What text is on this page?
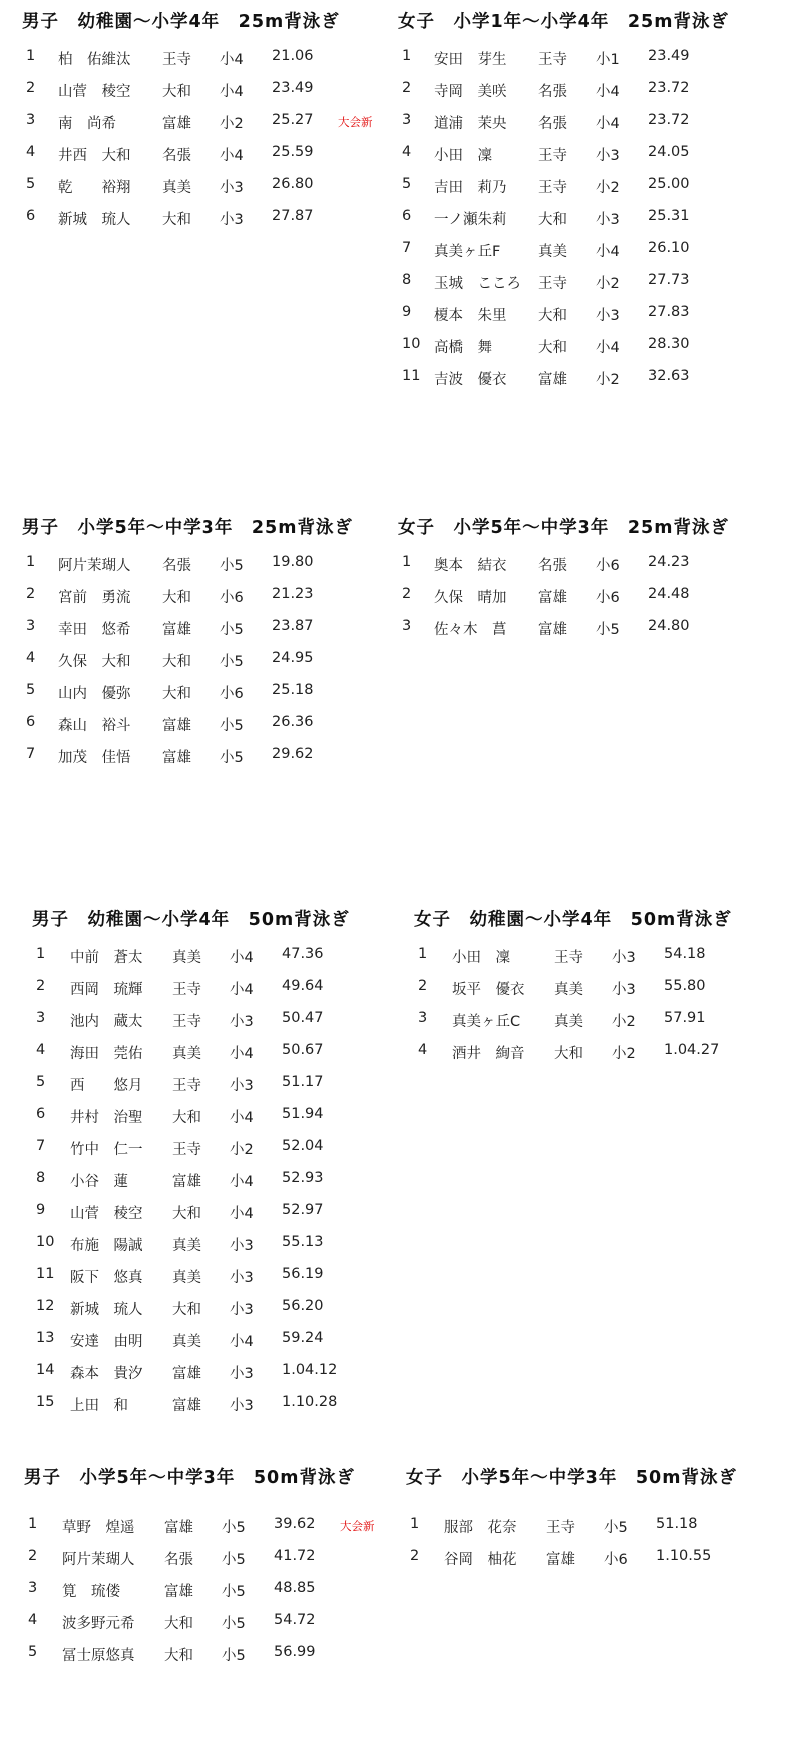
男子　幼稚園～小学4年　25m背泳ぎ
1 柏　佑維汰 王寺 小4 21.06
2 山菅　稜空 大和 小4 23.49
3 南　尚希	富雄 小2 25.27 大会新
4 井西　大和 名張 小4 25.59
5 乾　　裕翔 真美 小3 26.80
6 新城　琉人 大和 小3 27.87
女子　小学1年～小学4年　25m背泳ぎ
1 安田　芽生 王寺 小1 23.49
2 寺岡　美咲 名張 小4 23.72
3 道浦　茉央 名張 小4 23.72
4 小田　凜	王寺 小3 24.05
5 吉田　莉乃 王寺 小2 25.00
6 一ノ瀬朱莉 大和 小3 25.31
7 真美ヶ丘F	真美 小4 26.10
8 玉城　こころ 王寺 小2 27.73
9 榎本　朱里 大和 小3 27.83
10 高橋　舞	大和 小4 28.30
11 吉波　優衣 富雄 小2 32.63
男子　小学5年～中学3年　25m背泳ぎ
1 阿片茉瑚人 名張 小5 19.80
2 宮前　勇流 大和 小6 21.23
3 幸田　悠希 富雄 小5 23.87
4 久保　大和 大和 小5 24.95
5 山内　優弥 大和 小6 25.18
6 森山　裕斗 富雄 小5 26.36
7 加茂　佳悟 富雄 小5 29.62
女子　小学5年～中学3年　25m背泳ぎ
1 奥本　結衣 名張 小6 24.23
2 久保　晴加 富雄 小6 24.48
3 佐々木　菖 富雄 小5 24.80
男子　幼稚園～小学4年　50m背泳ぎ
1 中前　蒼太 真美 小4 47.36
2 西岡　琉輝 王寺 小4 49.64
3 池内　蔵太 王寺 小3 50.47
4 海田　莞佑 真美 小4 50.67
5 西　　悠月 王寺 小3 51.17
6 井村　治聖 大和 小4 51.94
7 竹中　仁一 王寺 小2 52.04
8 小谷　蓮	富雄 小4 52.93
9 山菅　稜空 大和 小4 52.97
10 布施　陽誠 真美 小3 55.13
11 阪下　悠真 真美 小3 56.19
12 新城　琉人 大和 小3 56.20
13 安達　由明 真美 小4 59.24
14 森本　貴汐 富雄 小3 1.04.12
15 上田　和	富雄 小3 1.10.28
女子　幼稚園～小学4年　50m背泳ぎ
1 小田　凜	王寺 小3 54.18
2 坂平　優衣 真美 小3 55.80
3 真美ヶ丘C 真美 小2 57.91
4 酒井　絢音 大和 小2 1.04.27
男子　小学5年～中学3年　50m背泳ぎ
1 草野　煌遥 富雄 小5 39.62 大会新
2 阿片茉瑚人 名張 小5 41.72
3 筧　琉偻	富雄 小5 48.85
4 波多野元希 大和 小5 54.72
5 冨士原悠真 大和 小5 56.99
女子　小学5年～中学3年　50m背泳ぎ
1 服部　花奈 王寺 小5 51.18
2 谷岡　柚花 富雄 小6 1.10.55
